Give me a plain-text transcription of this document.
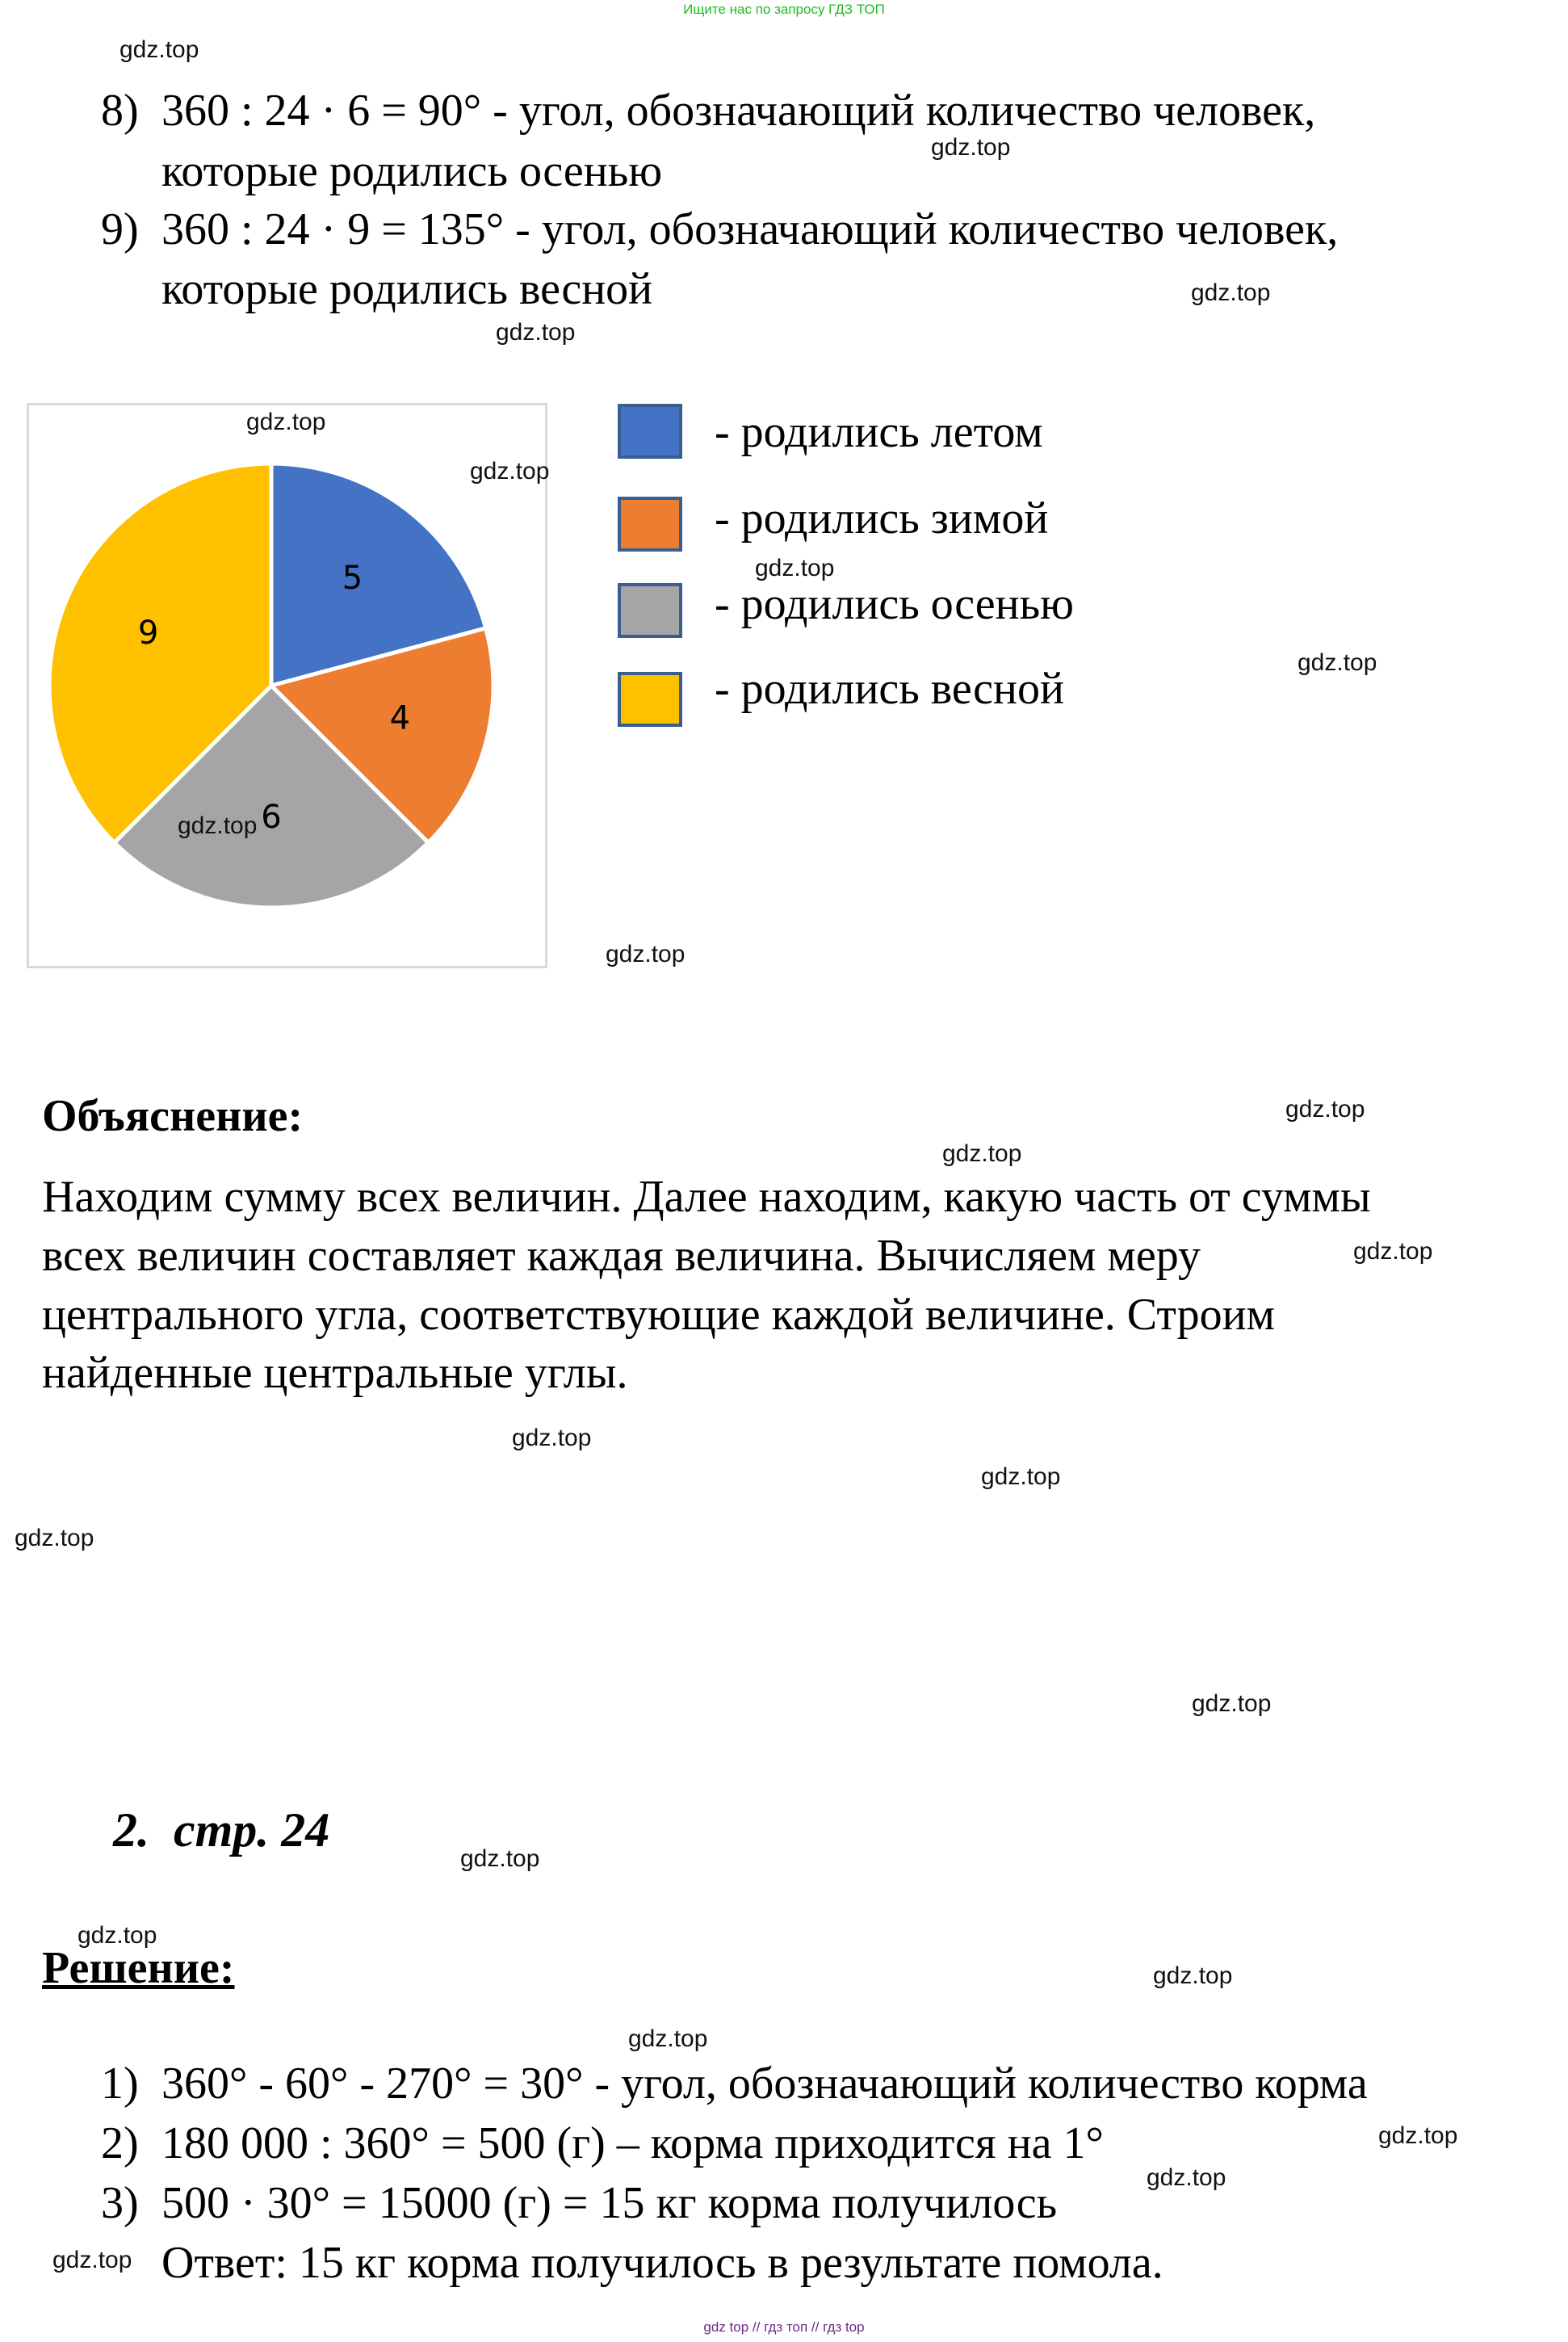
Ищите нас по запросу ГДЗ ТОП
8) 360 : 24 · 6 = 90° - угол, обозначающий количество человек,
которые родились осенью
9) 360 : 24 · 9 = 135° - угол, обозначающий количество человек,
которые родились весной
5
4
6
9
- родились летом
- родились зимой
- родились осенью
- родились весной
Объяснение:
Находим сумму всех величин. Далее находим, какую часть от суммы
всех величин составляет каждая величина. Вычисляем меру
центрального угла, соответствующие каждой величине. Строим
найденные центральные углы.
2. стр. 24
Решение:
1) 360° - 60° - 270° = 30° - угол, обозначающий количество корма
2) 180 000 : 360° = 500 (г) – корма приходится на 1°
3) 500 · 30° = 15000 (г) = 15 кг корма получилось
Ответ: 15 кг корма получилось в результате помола.
gdz.top
gdz.top
gdz.top
gdz.top
gdz.top
gdz.top
gdz.top
gdz.top
gdz.top
gdz.top
gdz.top
gdz.top
gdz.top
gdz.top
gdz.top
gdz.top
gdz.top
gdz.top
gdz.top
gdz.top
gdz.top
gdz.top
gdz.top
gdz.top
gdz top // гдз топ // гдз top
